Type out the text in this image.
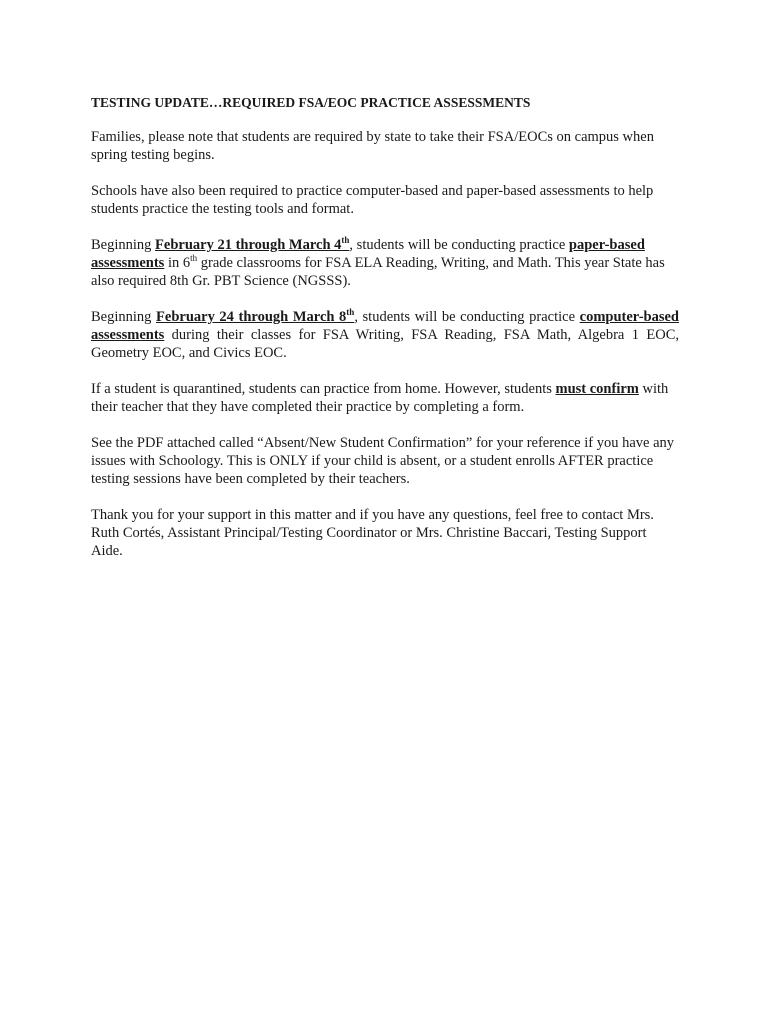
TESTING UPDATE…REQUIRED FSA/EOC PRACTICE ASSESSMENTS

Families, please note that students are required by state to take their FSA/EOCs on campus when spring testing begins.

Schools have also been required to practice computer-based and paper-based assessments to help students practice the testing tools and format.

Beginning February 21 through March 4th, students will be conducting practice paper-based assessments in 6th grade classrooms for FSA ELA Reading, Writing, and Math. This year State has also required 8th Gr. PBT Science (NGSSS).

Beginning February 24 through March 8th, students will be conducting practice computer-based assessments during their classes for FSA Writing, FSA Reading, FSA Math, Algebra 1 EOC, Geometry EOC, and Civics EOC.

If a student is quarantined, students can practice from home. However, students must confirm with their teacher that they have completed their practice by completing a form.

See the PDF attached called “Absent/New Student Confirmation” for your reference if you have any issues with Schoology. This is ONLY if your child is absent, or a student enrolls AFTER practice testing sessions have been completed by their teachers.

Thank you for your support in this matter and if you have any questions, feel free to contact Mrs. Ruth Cortés, Assistant Principal/Testing Coordinator or Mrs. Christine Baccari, Testing Support Aide.
